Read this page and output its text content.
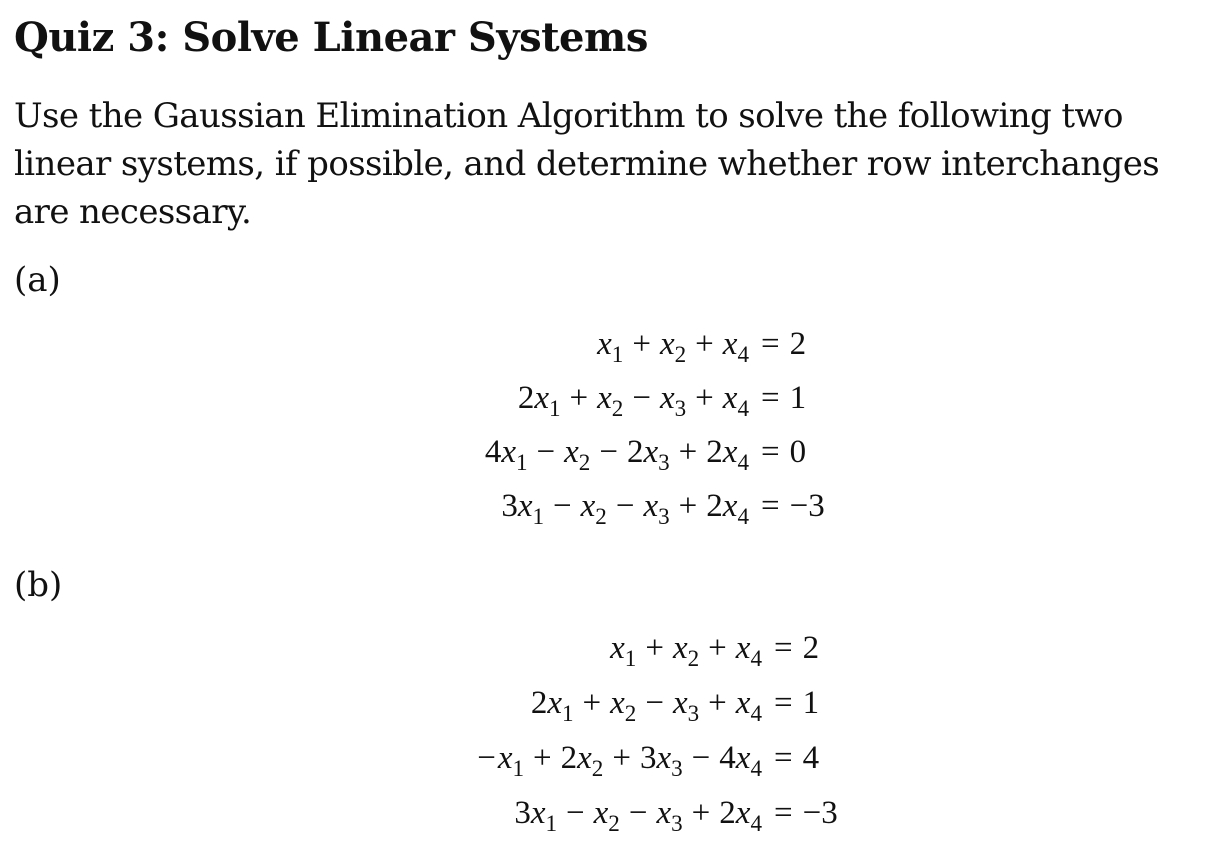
Quiz 3: Solve Linear Systems

Use the Gaussian Elimination Algorithm to solve the following two linear systems, if possible, and determine whether row interchanges are necessary.

(a)
$x_1 + x_2 + x_4 = 2$
$2x_1 + x_2 - x_3 + x_4 = 1$
$4x_1 - x_2 - 2x_3 + 2x_4 = 0$
$3x_1 - x_2 - x_3 + 2x_4 = -3$
(b)
$x_1 + x_2 + x_4 = 2$
$2x_1 + x_2 - x_3 + x_4 = 1$
$-x_1 + 2x_2 + 3x_3 - 4x_4 = 4$
$3x_1 - x_2 - x_3 + 2x_4 = -3$
